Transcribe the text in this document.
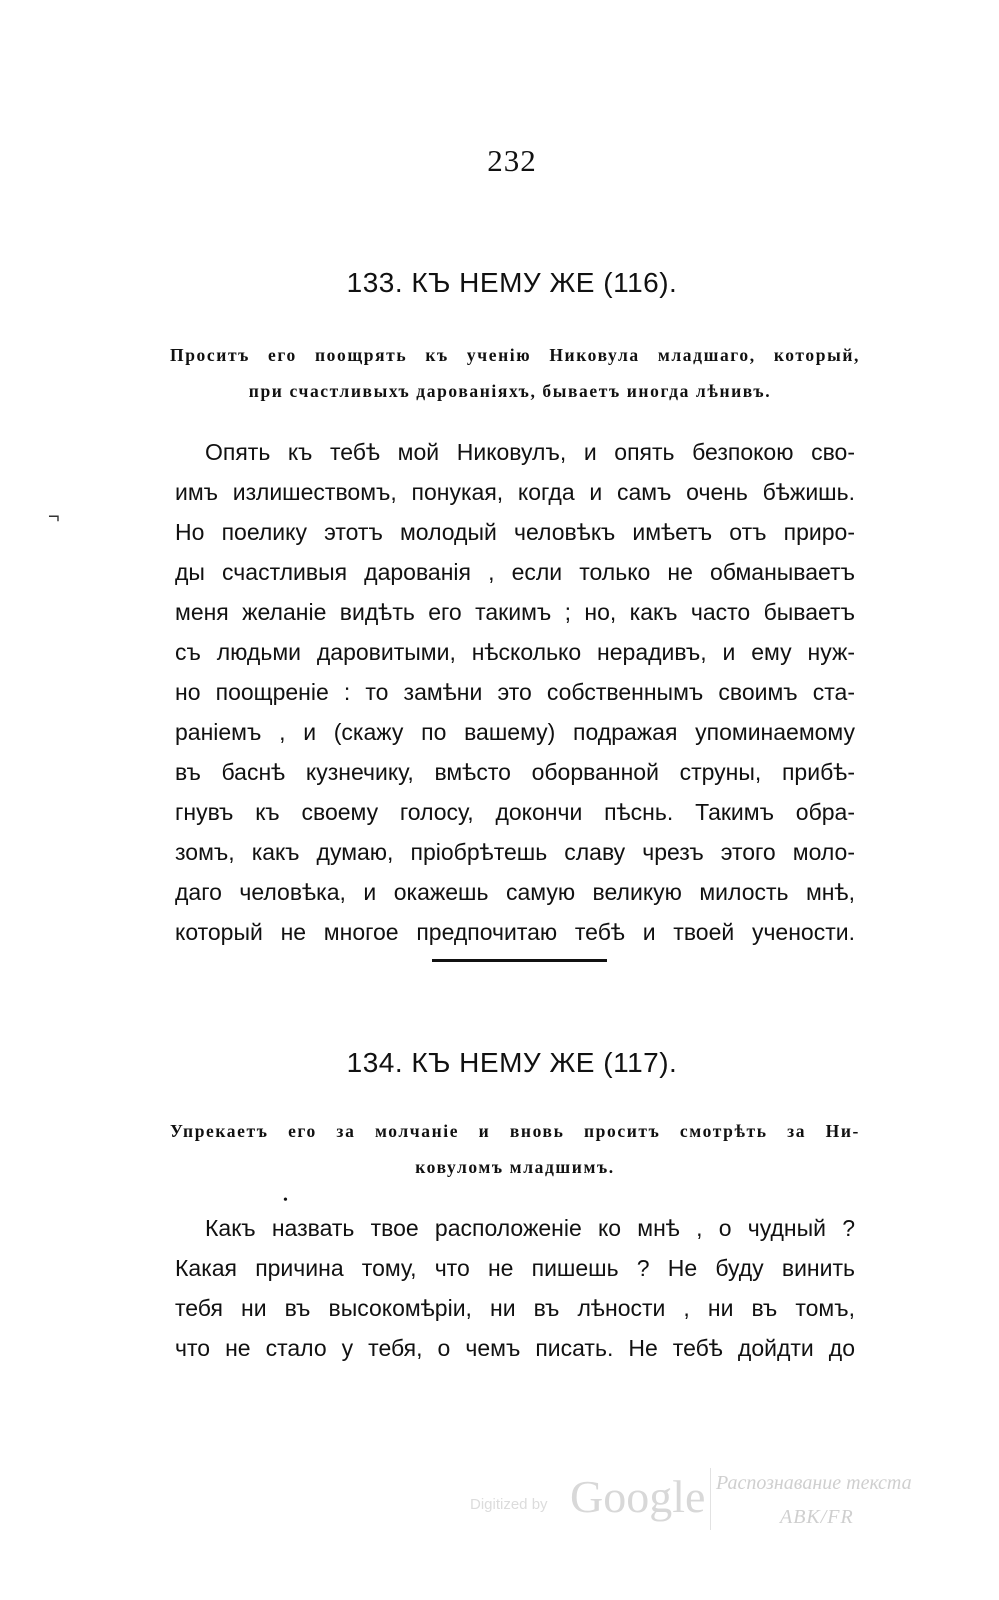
232
¬
133. КЪ НЕМУ ЖЕ (116).
Проситъ его поощрять къ ученію Никовула младшаго, который,
при счастливыхъ дарованіяхъ, бываетъ иногда лѣнивъ.
Опять къ тебѣ мой Никовулъ, и опять безпокою сво-
имъ излишествомъ, понукая, когда и самъ очень бѣжишь.
Но поелику этотъ молодый человѣкъ имѣетъ отъ приро-
ды счастливыя дарованія , если только не обманываетъ
меня желаніе видѣть его такимъ ; но, какъ часто бываетъ
съ людьми даровитыми, нѣсколько нерадивъ, и ему нуж-
но поощреніе : то замѣни это собственнымъ своимъ ста-
раніемъ , и (скажу по вашему) подражая упоминаемому
въ баснѣ кузнечику, вмѣсто оборванной струны, прибѣ-
гнувъ къ своему голосу, докончи пѣснь. Такимъ обра-
зомъ, какъ думаю, пріобрѣтешь славу чрезъ этого моло-
даго человѣка, и окажешь самую великую милость мнѣ,
который не многое предпочитаю тебѣ и твоей учености.
134. КЪ НЕМУ ЖЕ (117).
Упрекаетъ его за молчаніе и вновь проситъ смотрѣть за Ни-
ковуломъ младшимъ.
•
Какъ назвать твое расположеніе ко мнѣ , о чудный ?
Какая причина тому, что не пишешь ? Не буду винить
тебя ни въ высокомѣріи, ни въ лѣности , ни въ томъ,
что не стало у тебя, о чемъ писать. Не тебѣ дойдти до
Digitized by Google Распознавание текста
АВК/FR
